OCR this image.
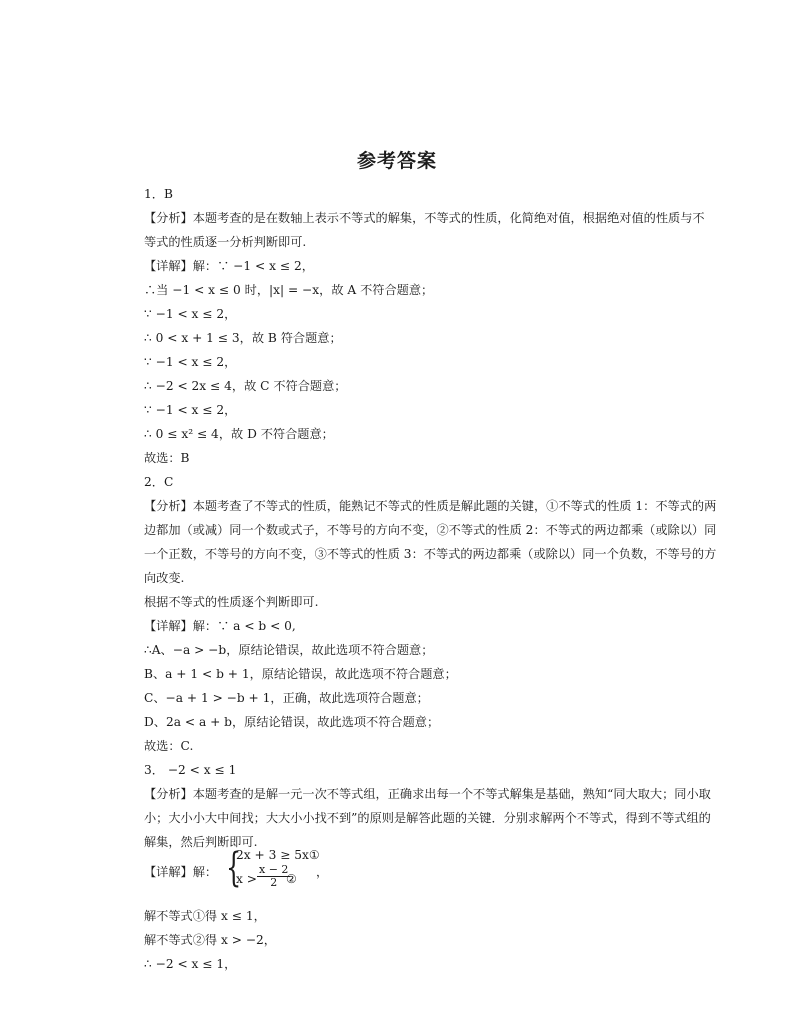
参考答案
1．B
【分析】本题考查的是在数轴上表示不等式的解集，不等式的性质，化简绝对值，根据绝对值的性质与不
等式的性质逐一分析判断即可.
【详解】解：∵ −1 < x ≤ 2，
∴当 −1 < x ≤ 0 时，|x| = −x，故 A 不符合题意；
∵ −1 < x ≤ 2，
∴ 0 < x + 1 ≤ 3，故 B 符合题意；
∵ −1 < x ≤ 2，
∴ −2 < 2x ≤ 4，故 C 不符合题意；
∵ −1 < x ≤ 2，
∴ 0 ≤ x² ≤ 4，故 D 不符合题意；
故选：B
2．C
【分析】本题考查了不等式的性质，能熟记不等式的性质是解此题的关键，①不等式的性质 1：不等式的两
边都加（或减）同一个数或式子，不等号的方向不变，②不等式的性质 2：不等式的两边都乘（或除以）同
一个正数，不等号的方向不变，③不等式的性质 3：不等式的两边都乘（或除以）同一个负数，不等号的方
向改变.
根据不等式的性质逐个判断即可.
【详解】解：∵ a < b < 0,
∴A、−a > −b，原结论错误，故此选项不符合题意；
B、a + 1 < b + 1，原结论错误，故此选项不符合题意；
C、−a + 1 > −b + 1，正确，故此选项符合题意；
D、2a < a + b，原结论错误，故此选项不符合题意；
故选：C.
3． −2 < x ≤ 1
【分析】本题考查的是解一元一次不等式组，正确求出每一个不等式解集是基础，熟知“同大取大；同小取
小；大小小大中间找；大大小小找不到”的原则是解答此题的关键．分别求解两个不等式，得到不等式组的
解集，然后判断即可.
【详解】解： {
2x + 3 ≥ 5x①
$x > \frac{x - 2}{2}$
② ，
解不等式①得 x ≤ 1，
解不等式②得 x > −2，
∴ −2 < x ≤ 1，
